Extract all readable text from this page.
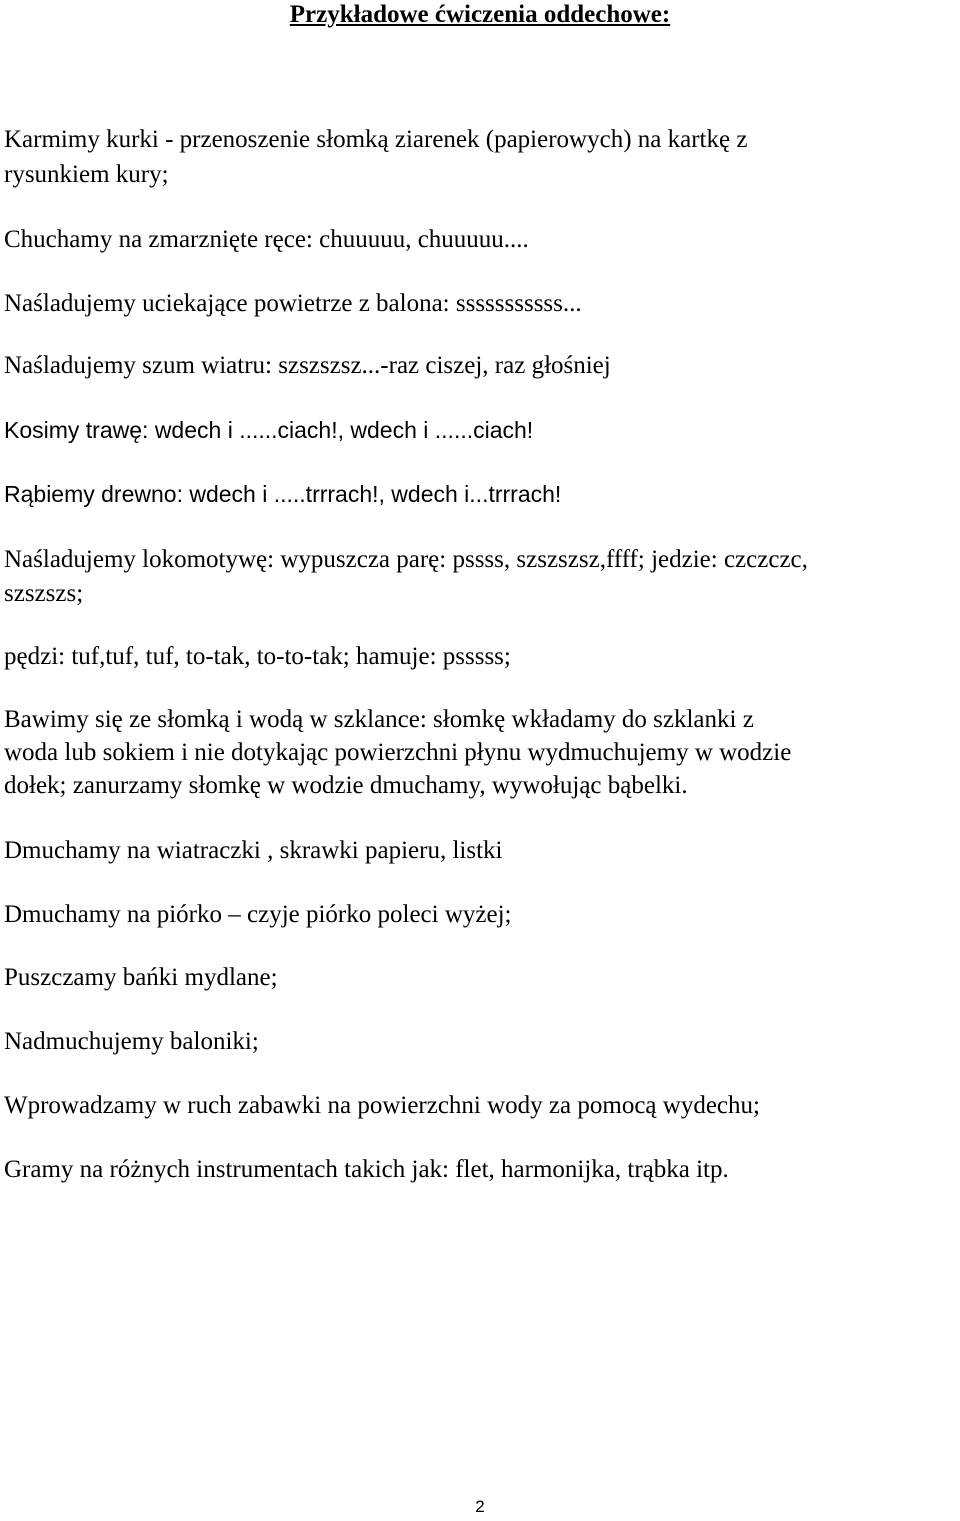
Przykładowe ćwiczenia oddechowe:

Karmimy kurki - przenoszenie słomką ziarenek (papierowych) na kartkę z

rysunkiem kury;

Chuchamy na zmarznięte ręce: chuuuuu, chuuuuu....

Naśladujemy uciekające powietrze z balona: sssssssssss...

Naśladujemy szum wiatru: szszszsz...-raz ciszej, raz głośniej

Kosimy trawę: wdech i ......ciach!, wdech i ......ciach!

Rąbiemy drewno: wdech i .....trrrach!, wdech i...trrrach!

Naśladujemy lokomotywę: wypuszcza parę: pssss, szszszsz,ffff; jedzie: czczczc,

szszszs;

pędzi: tuf,tuf, tuf, to-tak, to-to-tak; hamuje: psssss;

Bawimy się ze słomką i wodą w szklance: słomkę wkładamy do szklanki z

woda lub sokiem i nie dotykając powierzchni płynu wydmuchujemy w wodzie

dołek; zanurzamy słomkę w wodzie dmuchamy, wywołując bąbelki.

Dmuchamy na wiatraczki , skrawki papieru, listki

Dmuchamy na piórko – czyje piórko poleci wyżej;

Puszczamy bańki mydlane;

Nadmuchujemy baloniki;

Wprowadzamy w ruch zabawki na powierzchni wody za pomocą wydechu;

Gramy na różnych instrumentach takich jak: flet, harmonijka, trąbka itp.

2
